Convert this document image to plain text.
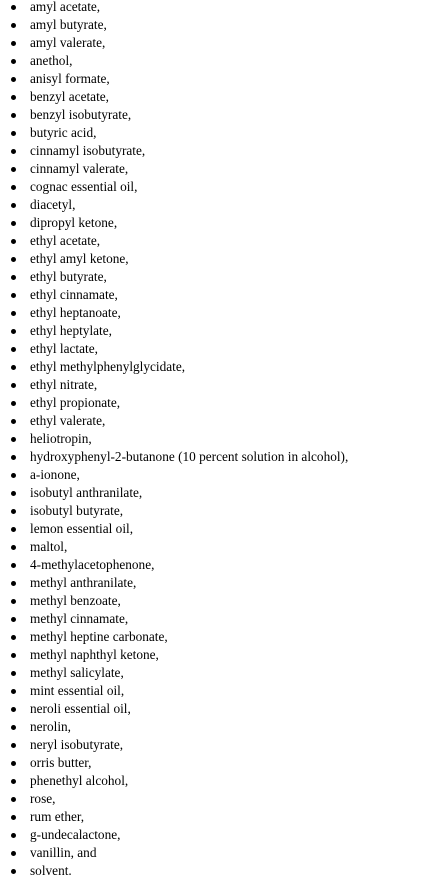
amyl acetate,
amyl butyrate,
amyl valerate,
anethol,
anisyl formate,
benzyl acetate,
benzyl isobutyrate,
butyric acid,
cinnamyl isobutyrate,
cinnamyl valerate,
cognac essential oil,
diacetyl,
dipropyl ketone,
ethyl acetate,
ethyl amyl ketone,
ethyl butyrate,
ethyl cinnamate,
ethyl heptanoate,
ethyl heptylate,
ethyl lactate,
ethyl methylphenylglycidate,
ethyl nitrate,
ethyl propionate,
ethyl valerate,
heliotropin,
hydroxyphenyl-2-butanone (10 percent solution in alcohol),
a-ionone,
isobutyl anthranilate,
isobutyl butyrate,
lemon essential oil,
maltol,
4-methylacetophenone,
methyl anthranilate,
methyl benzoate,
methyl cinnamate,
methyl heptine carbonate,
methyl naphthyl ketone,
methyl salicylate,
mint essential oil,
neroli essential oil,
nerolin,
neryl isobutyrate,
orris butter,
phenethyl alcohol,
rose,
rum ether,
g-undecalactone,
vanillin, and
solvent.
